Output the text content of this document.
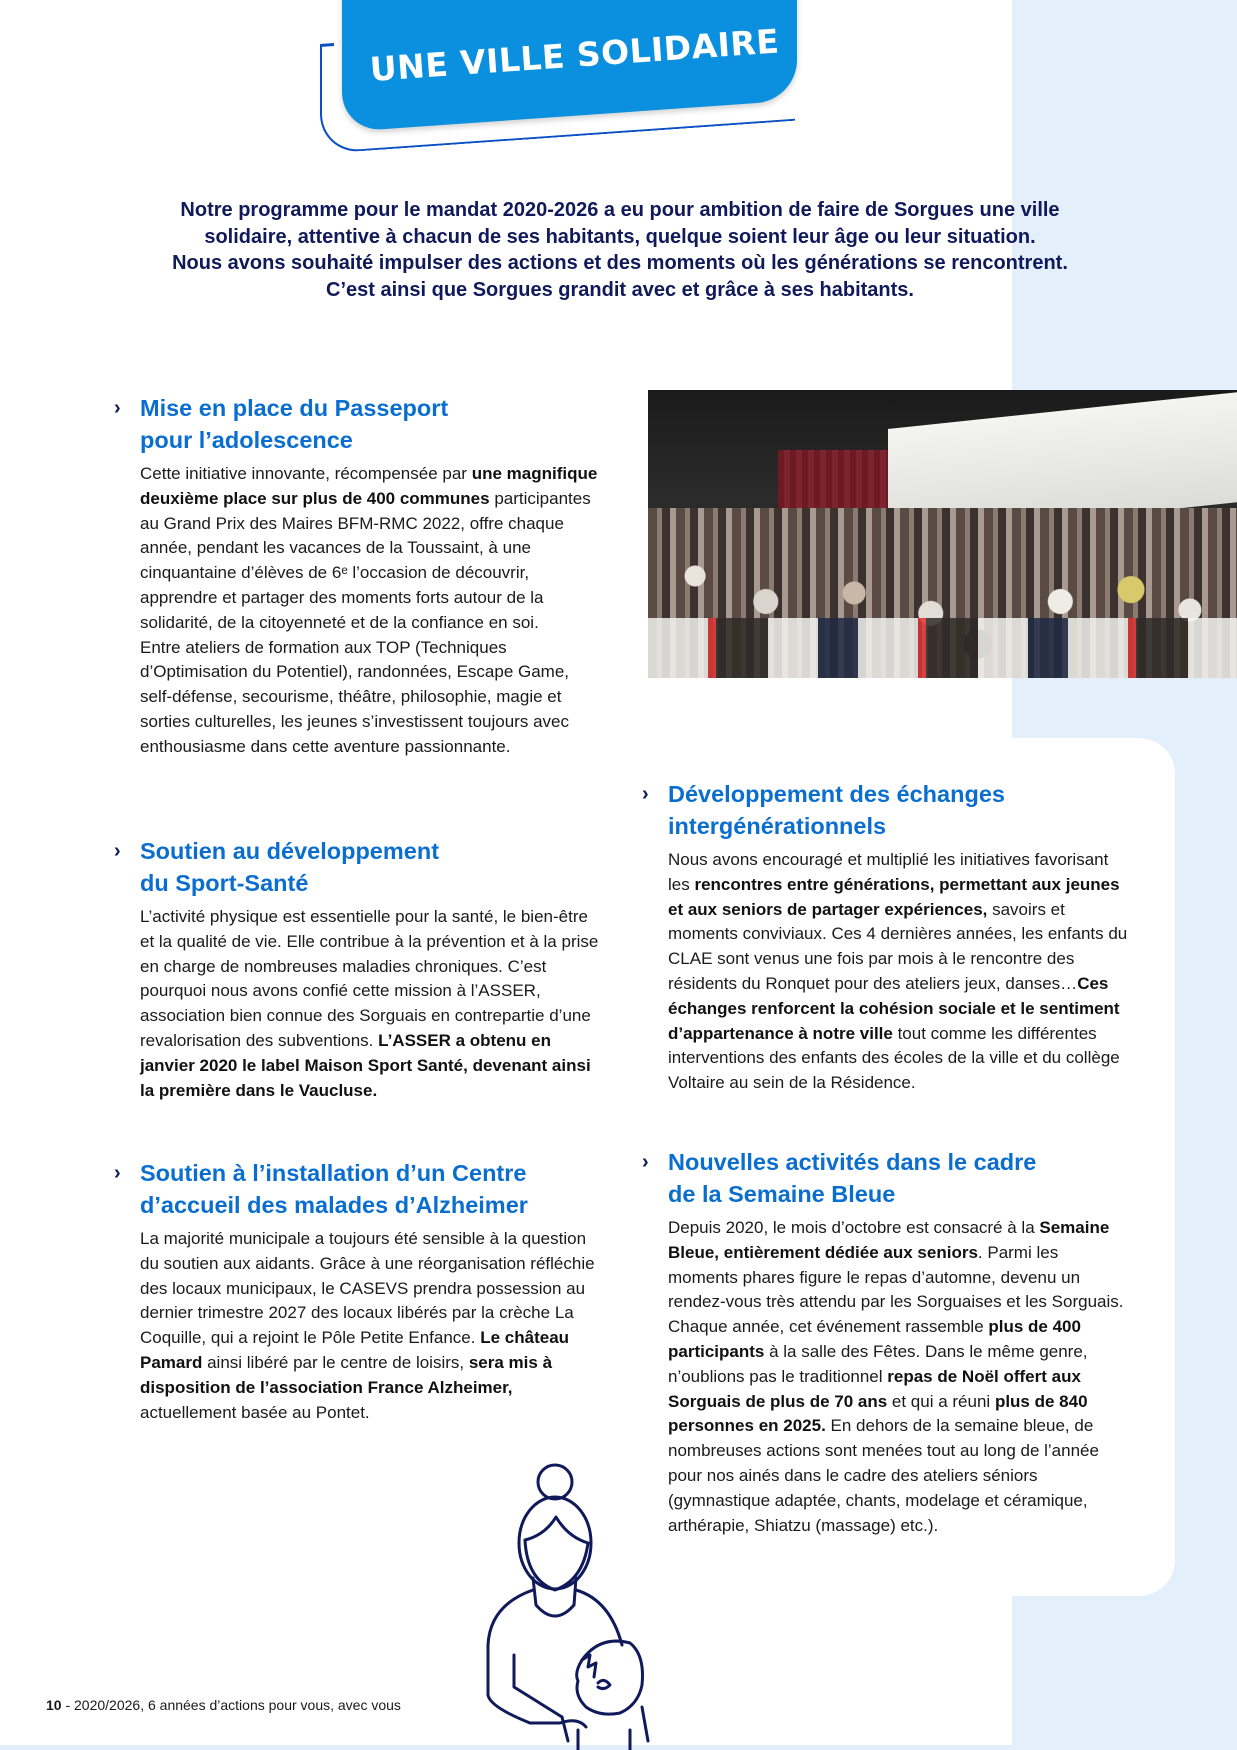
UNE VILLE SOLIDAIRE
Notre programme pour le mandat 2020-2026 a eu pour ambition de faire de Sorgues une ville
solidaire, attentive à chacun de ses habitants, quelque soient leur âge ou leur situation.
Nous avons souhaité impulser des actions et des moments où les générations se rencontrent.
C’est ainsi que Sorgues grandit avec et grâce à ses habitants.
› Mise en place du Passeport
pour l’adolescence
Cette initiative innovante, récompensée par une magnifique deuxième place sur plus de 400 communes participantes au Grand Prix des Maires BFM-RMC 2022, offre chaque année, pendant les vacances de la Toussaint, à une cinquantaine d’élèves de 6ᵉ l’occasion de découvrir, apprendre et partager des moments forts autour de la solidarité, de la citoyenneté et de la confiance en soi.
Entre ateliers de formation aux TOP (Techniques d’Optimisation du Potentiel), randonnées, Escape Game, self-défense, secourisme, théâtre, philosophie, magie et sorties culturelles, les jeunes s’investissent toujours avec enthousiasme dans cette aventure passionnante.
› Soutien au développement
du Sport-Santé
L’activité physique est essentielle pour la santé, le bien-être et la qualité de vie. Elle contribue à la prévention et à la prise en charge de nombreuses maladies chroniques. C’est pourquoi nous avons confié cette mission à l’ASSER, association bien connue des Sorguais en contrepartie d’une revalorisation des subventions. L’ASSER a obtenu en janvier 2020 le label Maison Sport Santé, devenant ainsi la première dans le Vaucluse.
› Soutien à l’installation d’un Centre
d’accueil des malades d’Alzheimer
La majorité municipale a toujours été sensible à la question du soutien aux aidants. Grâce à une réorganisation réfléchie des locaux municipaux, le CASEVS prendra possession au dernier trimestre 2027 des locaux libérés par la crèche La Coquille, qui a rejoint le Pôle Petite Enfance. Le château Pamard ainsi libéré par le centre de loisirs, sera mis à disposition de l’association France Alzheimer, actuellement basée au Pontet.
› Développement des échanges
intergénérationnels
Nous avons encouragé et multiplié les initiatives favorisant les rencontres entre générations, permettant aux jeunes et aux seniors de partager expériences, savoirs et moments conviviaux. Ces 4 dernières années, les enfants du CLAE sont venus une fois par mois à le rencontre des résidents du Ronquet pour des ateliers jeux, danses…Ces échanges renforcent la cohésion sociale et le sentiment d’appartenance à notre ville tout comme les différentes interventions des enfants des écoles de la ville et du collège Voltaire au sein de la Résidence.
› Nouvelles activités dans le cadre
de la Semaine Bleue
Depuis 2020, le mois d’octobre est consacré à la Semaine Bleue, entièrement dédiée aux seniors. Parmi les moments phares figure le repas d’automne, devenu un rendez-vous très attendu par les Sorguaises et les Sorguais. Chaque année, cet événement rassemble plus de 400 participants à la salle des Fêtes. Dans le même genre, n’oublions pas le traditionnel repas de Noël offert aux Sorguais de plus de 70 ans et qui a réuni plus de 840 personnes en 2025. En dehors de la semaine bleue, de nombreuses actions sont menées tout au long de l’année pour nos ainés dans le cadre des ateliers séniors (gymnastique adaptée, chants, modelage et céramique, arthérapie, Shiatzu (massage) etc.).
10 - 2020/2026, 6 années d’actions pour vous, avec vous
